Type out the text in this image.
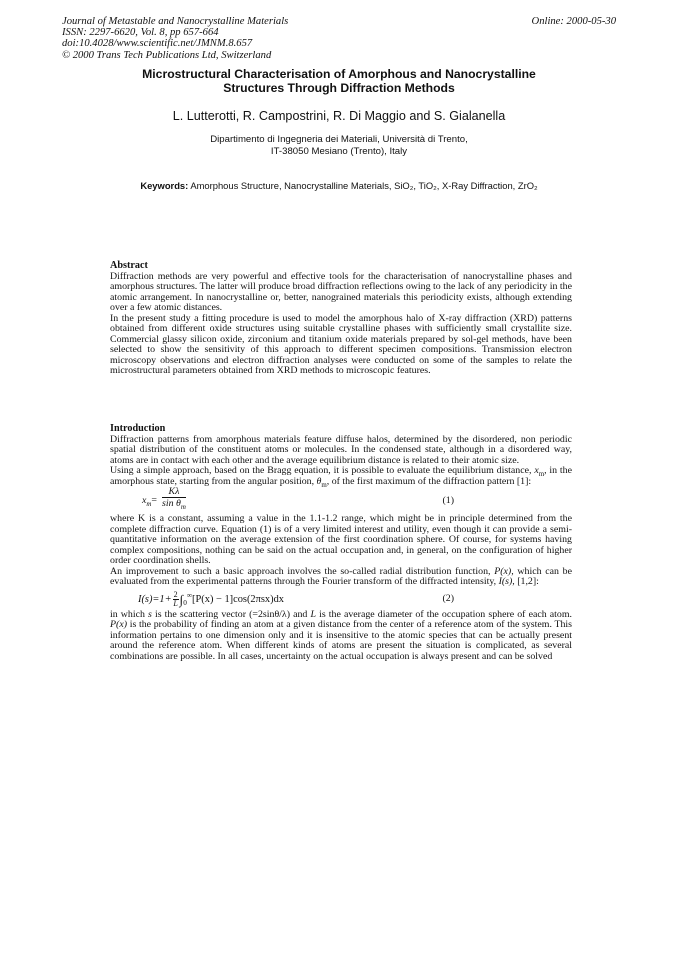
Journal of Metastable and Nanocrystalline Materials
ISSN: 2297-6620, Vol. 8, pp 657-664
doi:10.4028/www.scientific.net/JMNM.8.657
© 2000 Trans Tech Publications Ltd, Switzerland
Online: 2000-05-30
Microstructural Characterisation of Amorphous and Nanocrystalline
Structures Through Diffraction Methods
L. Lutterotti, R. Campostrini, R. Di Maggio and S. Gialanella
Dipartimento di Ingegneria dei Materiali, Università di Trento,
IT-38050 Mesiano (Trento), Italy
Keywords: Amorphous Structure, Nanocrystalline Materials, SiO₂, TiO₂, X-Ray Diffraction, ZrO₂

Abstract

Diffraction methods are very powerful and effective tools for the characterisation of nanocrystalline phases and amorphous structures. The latter will produce broad diffraction reflections owing to the lack of any periodicity in the atomic arrangement. In nanocrystalline or, better, nanograined materials this periodicity exists, although extending over a few atomic distances.

In the present study a fitting procedure is used to model the amorphous halo of X-ray diffraction (XRD) patterns obtained from different oxide structures using suitable crystalline phases with sufficiently small crystallite size. Commercial glassy silicon oxide, zirconium and titanium oxide materials prepared by sol-gel methods, have been selected to show the sensitivity of this approach to different specimen compositions. Transmission electron microscopy observations and electron diffraction analyses were conducted on some of the samples to relate the microstructural parameters obtained from XRD methods to microscopic features.

Introduction

Diffraction patterns from amorphous materials feature diffuse halos, determined by the disordered, non periodic spatial distribution of the constituent atoms or molecules. In the condensed state, although in a disordered way, atoms are in contact with each other and the average equilibrium distance is related to their atomic size.

Using a simple approach, based on the Bragg equation, it is possible to evaluate the equilibrium distance, $x_m$, in the amorphous state, starting from the angular position, $\theta_m$, of the first maximum of the diffraction pattern [1]:

$x_m= \frac{K\lambda}{\sin \theta_m}$	(1)

where K is a constant, assuming a value in the 1.1-1.2 range, which might be in principle determined from the complete diffraction curve. Equation (1) is of a very limited interest and utility, even though it can provide a semi-quantitative information on the average extension of the first coordination sphere. Of course, for systems having complex compositions, nothing can be said on the actual occupation and, in general, on the configuration of higher order coordination shells.

An improvement to such a basic approach involves the so-called radial distribution function, P(x), which can be evaluated from the experimental patterns through the Fourier transform of the diffracted intensity, I(s), [1,2]:

$I(s)=1+ \frac{2}{L}\int_0^\infty[P(x) - 1]\cos(2\pi sx)dx$	(2)

in which s is the scattering vector (=2sinθ/λ) and L is the average diameter of the occupation sphere of each atom. P(x) is the probability of finding an atom at a given distance from the center of a reference atom of the system. This information pertains to one dimension only and it is insensitive to the atomic species that can be actually present around the reference atom. When different kinds of atoms are present the situation is complicated, as several combinations are possible. In all cases, uncertainty on the actual occupation is always present and can be solved
